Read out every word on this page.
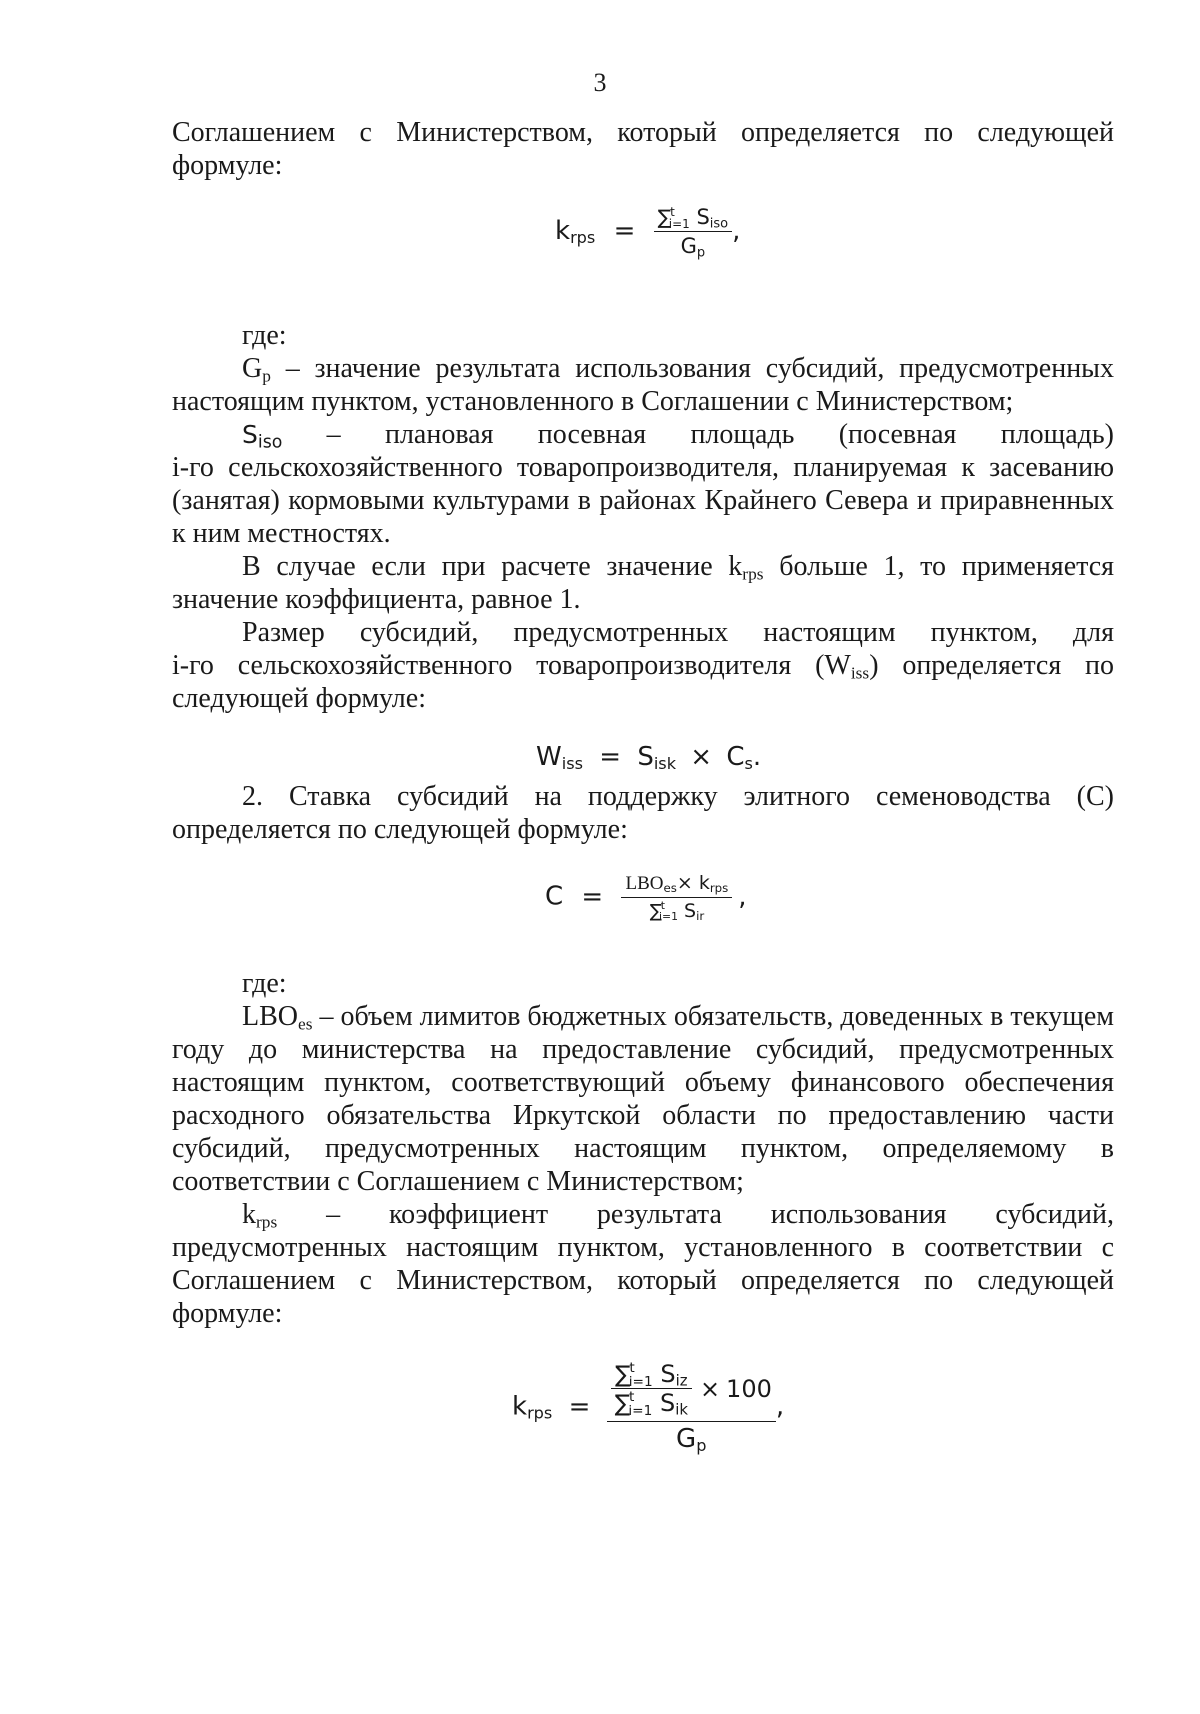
3

Соглашением с Министерством, который определяется по следующей

формуле:

$k_{rps} = \frac{\sum^t_{i=1} S_{iso}}{G_p}$ ,

где:

$G_p$ – значение результата использования субсидий, предусмотренных

настоящим пунктом, установленного в Соглашении с Министерством;

$S_{iso}$ – плановая посевная площадь (посевная площадь)

i-го сельскохозяйственного товаропроизводителя, планируемая к засеванию

(занятая) кормовыми культурами в районах Крайнего Севера и приравненных

к ним местностях.

В случае если при расчете значение $k_{rps}$ больше 1, то применяется

значение коэффициента, равное 1.

Размер субсидий, предусмотренных настоящим пунктом, для

i-го сельскохозяйственного товаропроизводителя $(W_{iss})$ определяется по

следующей формуле:

$W_{iss} = S_{isk} \times C_s$.

2. Ставка субсидий на поддержку элитного семеноводства (С)

определяется по следующей формуле:

$C = \frac{LBO_{es}\times k_{rps}}{\sum^t_{i=1} S_{ir}}$ ,

где:

$LBO_{es}$ – объем лимитов бюджетных обязательств, доведенных в текущем

году до министерства на предоставление субсидий, предусмотренных

настоящим пунктом, соответствующий объему финансового обеспечения

расходного обязательства Иркутской области по предоставлению части

субсидий, предусмотренных настоящим пунктом, определяемому в

соответствии с Соглашением с Министерством;

$k_{rps}$ – коэффициент результата использования субсидий,

предусмотренных настоящим пунктом, установленного в соответствии с

Соглашением с Министерством, который определяется по следующей

формуле:

$k_{rps} = \frac{\frac{\sum^t_{i=1} S_{iz}}{\sum^t_{i=1} S_{ik}} \times 100}{G_p}$ ,
